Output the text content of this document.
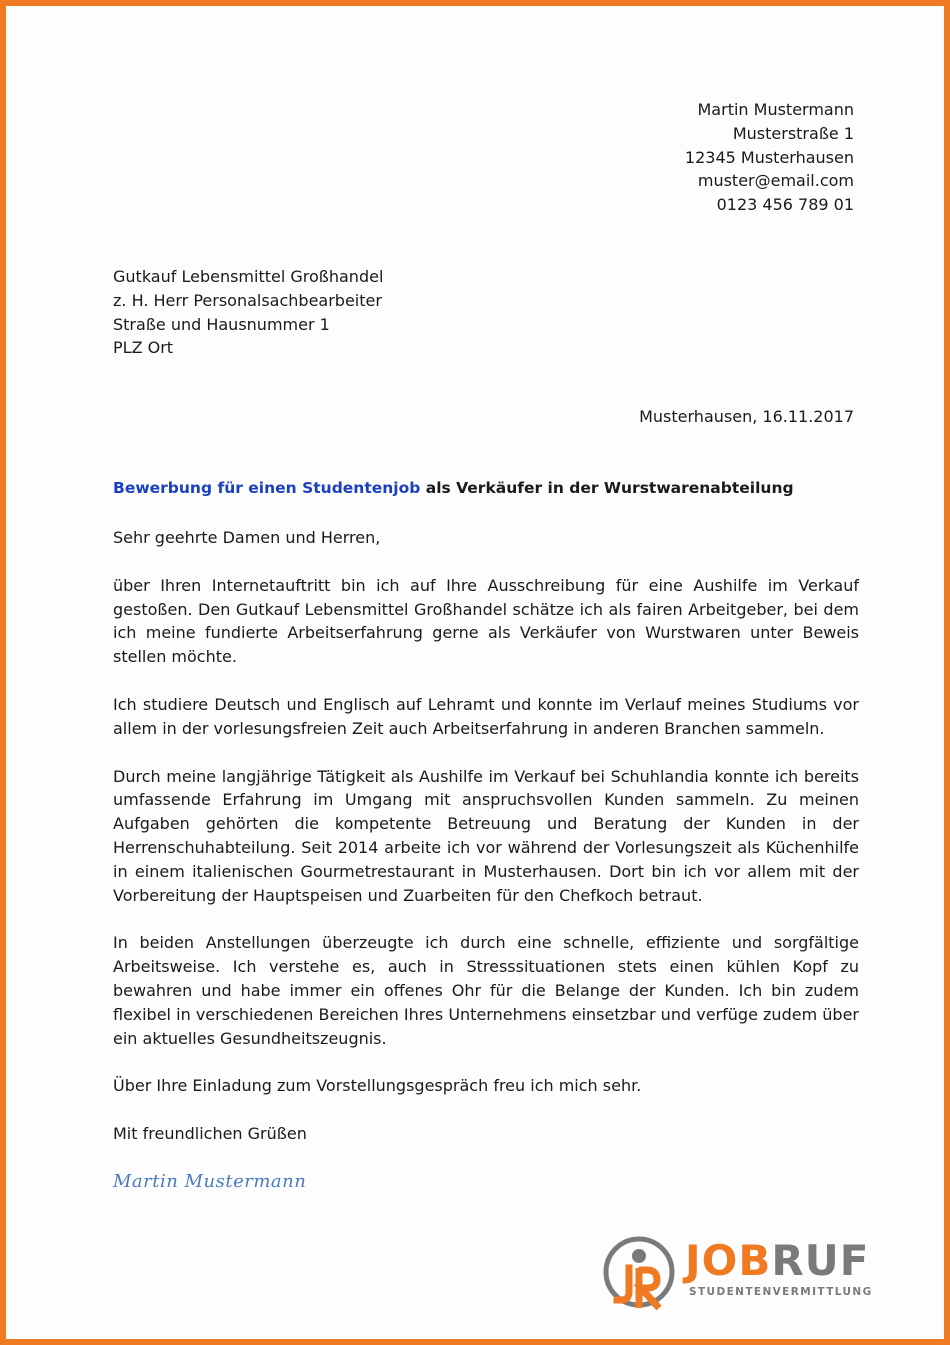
Martin Mustermann
Musterstraße 1
12345 Musterhausen
muster@email.com
0123 456 789 01
Gutkauf Lebensmittel Großhandel
z. H. Herr Personalsachbearbeiter
Straße und Hausnummer 1
PLZ Ort
Musterhausen, 16.11.2017
Bewerbung für einen Studentenjob als Verkäufer in der Wurstwarenabteilung

Sehr geehrte Damen und Herren,

über Ihren Internetauftritt bin ich auf Ihre Ausschreibung für eine Aushilfe im Verkauf gestoßen. Den Gutkauf Lebensmittel Großhandel schätze ich als fairen Arbeitgeber, bei dem ich meine fundierte Arbeitserfahrung gerne als Verkäufer von Wurstwaren unter Beweis stellen möchte.

Ich studiere Deutsch und Englisch auf Lehramt und konnte im Verlauf meines Studiums vor allem in der vorlesungsfreien Zeit auch Arbeitserfahrung in anderen Branchen sammeln.

Durch meine langjährige Tätigkeit als Aushilfe im Verkauf bei Schuhlandia konnte ich bereits umfassende Erfahrung im Umgang mit anspruchsvollen Kunden sammeln. Zu meinen Aufgaben gehörten die kompetente Betreuung und Beratung der Kunden in der Herrenschuhabteilung. Seit 2014 arbeite ich vor während der Vorlesungszeit als Küchenhilfe in einem italienischen Gourmetrestaurant in Musterhausen. Dort bin ich vor allem mit der Vorbereitung der Hauptspeisen und Zuarbeiten für den Chefkoch betraut.

In beiden Anstellungen überzeugte ich durch eine schnelle, effiziente und sorgfältige Arbeitsweise. Ich verstehe es, auch in Stresssituationen stets einen kühlen Kopf zu bewahren und habe immer ein offenes Ohr für die Belange der Kunden. Ich bin zudem flexibel in verschiedenen Bereichen Ihres Unternehmens einsetzbar und verfüge zudem über ein aktuelles Gesundheitszeugnis.

Über Ihre Einladung zum Vorstellungsgespräch freu ich mich sehr.

Mit freundlichen Grüßen

Martin Mustermann

JOBRUF
STUDENTENVERMITTLUNG
